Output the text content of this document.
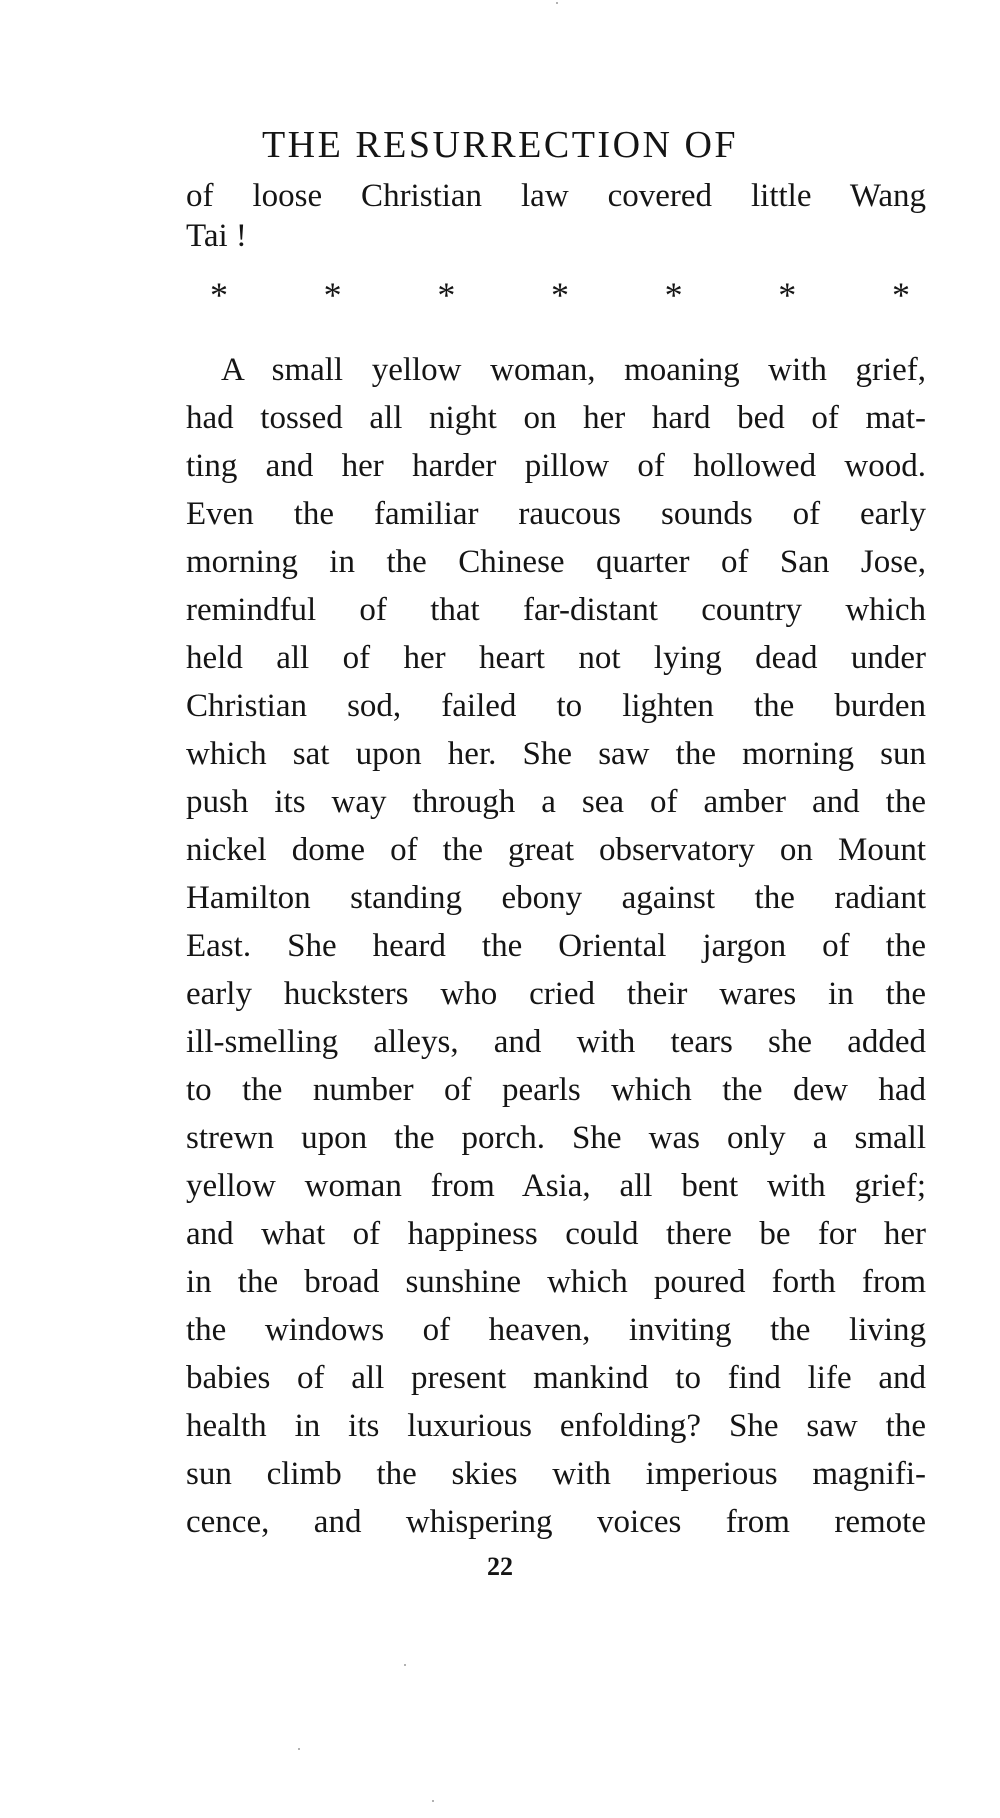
THE RESURRECTION OF
of loose Christian law covered little Wang
Tai !
*	*	*	*	*	*	*
A small yellow woman, moaning with grief,
had tossed all night on her hard bed of mat-
ting and her harder pillow of hollowed wood.
Even the familiar raucous sounds of early
morning in the Chinese quarter of San Jose,
remindful of that far-distant country which
held all of her heart not lying dead under
Christian sod, failed to lighten the burden
which sat upon her. She saw the morning sun
push its way through a sea of amber and the
nickel dome of the great observatory on Mount
Hamilton standing ebony against the radiant
East. She heard the Oriental jargon of the
early hucksters who cried their wares in the
ill-smelling alleys, and with tears she added
to the number of pearls which the dew had
strewn upon the porch. She was only a small
yellow woman from Asia, all bent with grief;
and what of happiness could there be for her
in the broad sunshine which poured forth from
the windows of heaven, inviting the living
babies of all present mankind to find life and
health in its luxurious enfolding? She saw the
sun climb the skies with imperious magnifi-
cence, and whispering voices from remote
22
